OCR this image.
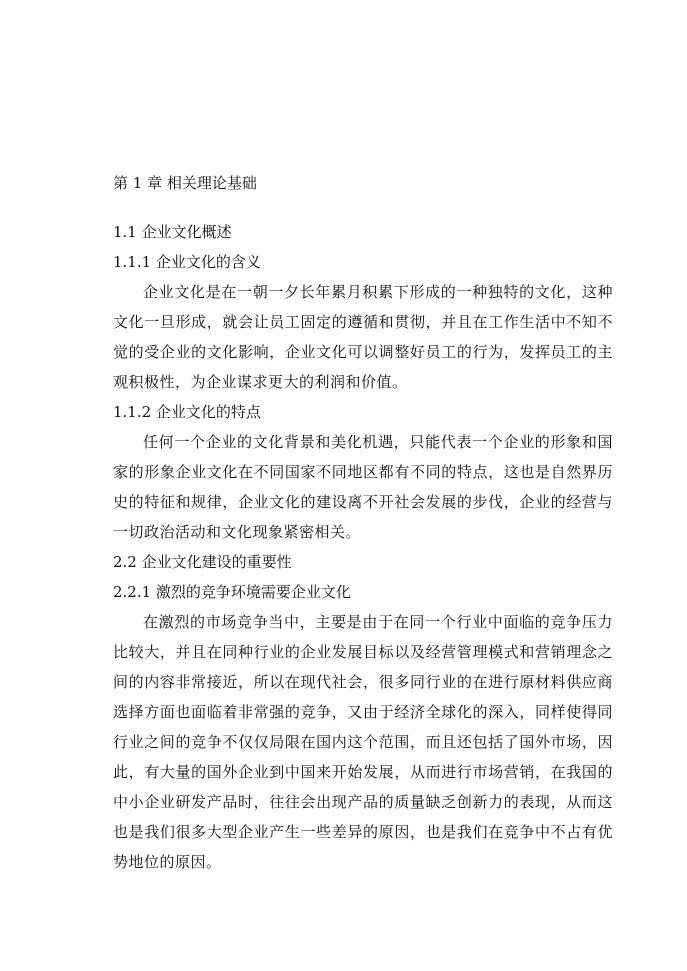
第 1 章 相关理论基础

1.1 企业文化概述

1.1.1 企业文化的含义

企业文化是在一朝一夕长年累月积累下形成的一种独特的文化，这种文化一旦形成，就会让员工固定的遵循和贯彻，并且在工作生活中不知不觉的受企业的文化影响，企业文化可以调整好员工的行为，发挥员工的主观积极性，为企业谋求更大的利润和价值。

1.1.2 企业文化的特点

任何一个企业的文化背景和美化机遇，只能代表一个企业的形象和国家的形象企业文化在不同国家不同地区都有不同的特点，这也是自然界历史的特征和规律，企业文化的建设离不开社会发展的步伐，企业的经营与一切政治活动和文化现象紧密相关。

2.2 企业文化建设的重要性

2.2.1 激烈的竞争环境需要企业文化

在激烈的市场竞争当中，主要是由于在同一个行业中面临的竞争压力比较大，并且在同种行业的企业发展目标以及经营管理模式和营销理念之间的内容非常接近，所以在现代社会，很多同行业的在进行原材料供应商选择方面也面临着非常强的竞争，又由于经济全球化的深入，同样使得同行业之间的竞争不仅仅局限在国内这个范围，而且还包括了国外市场，因此，有大量的国外企业到中国来开始发展，从而进行市场营销，在我国的中小企业研发产品时，往往会出现产品的质量缺乏创新力的表现，从而这也是我们很多大型企业产生一些差异的原因，也是我们在竞争中不占有优势地位的原因。
